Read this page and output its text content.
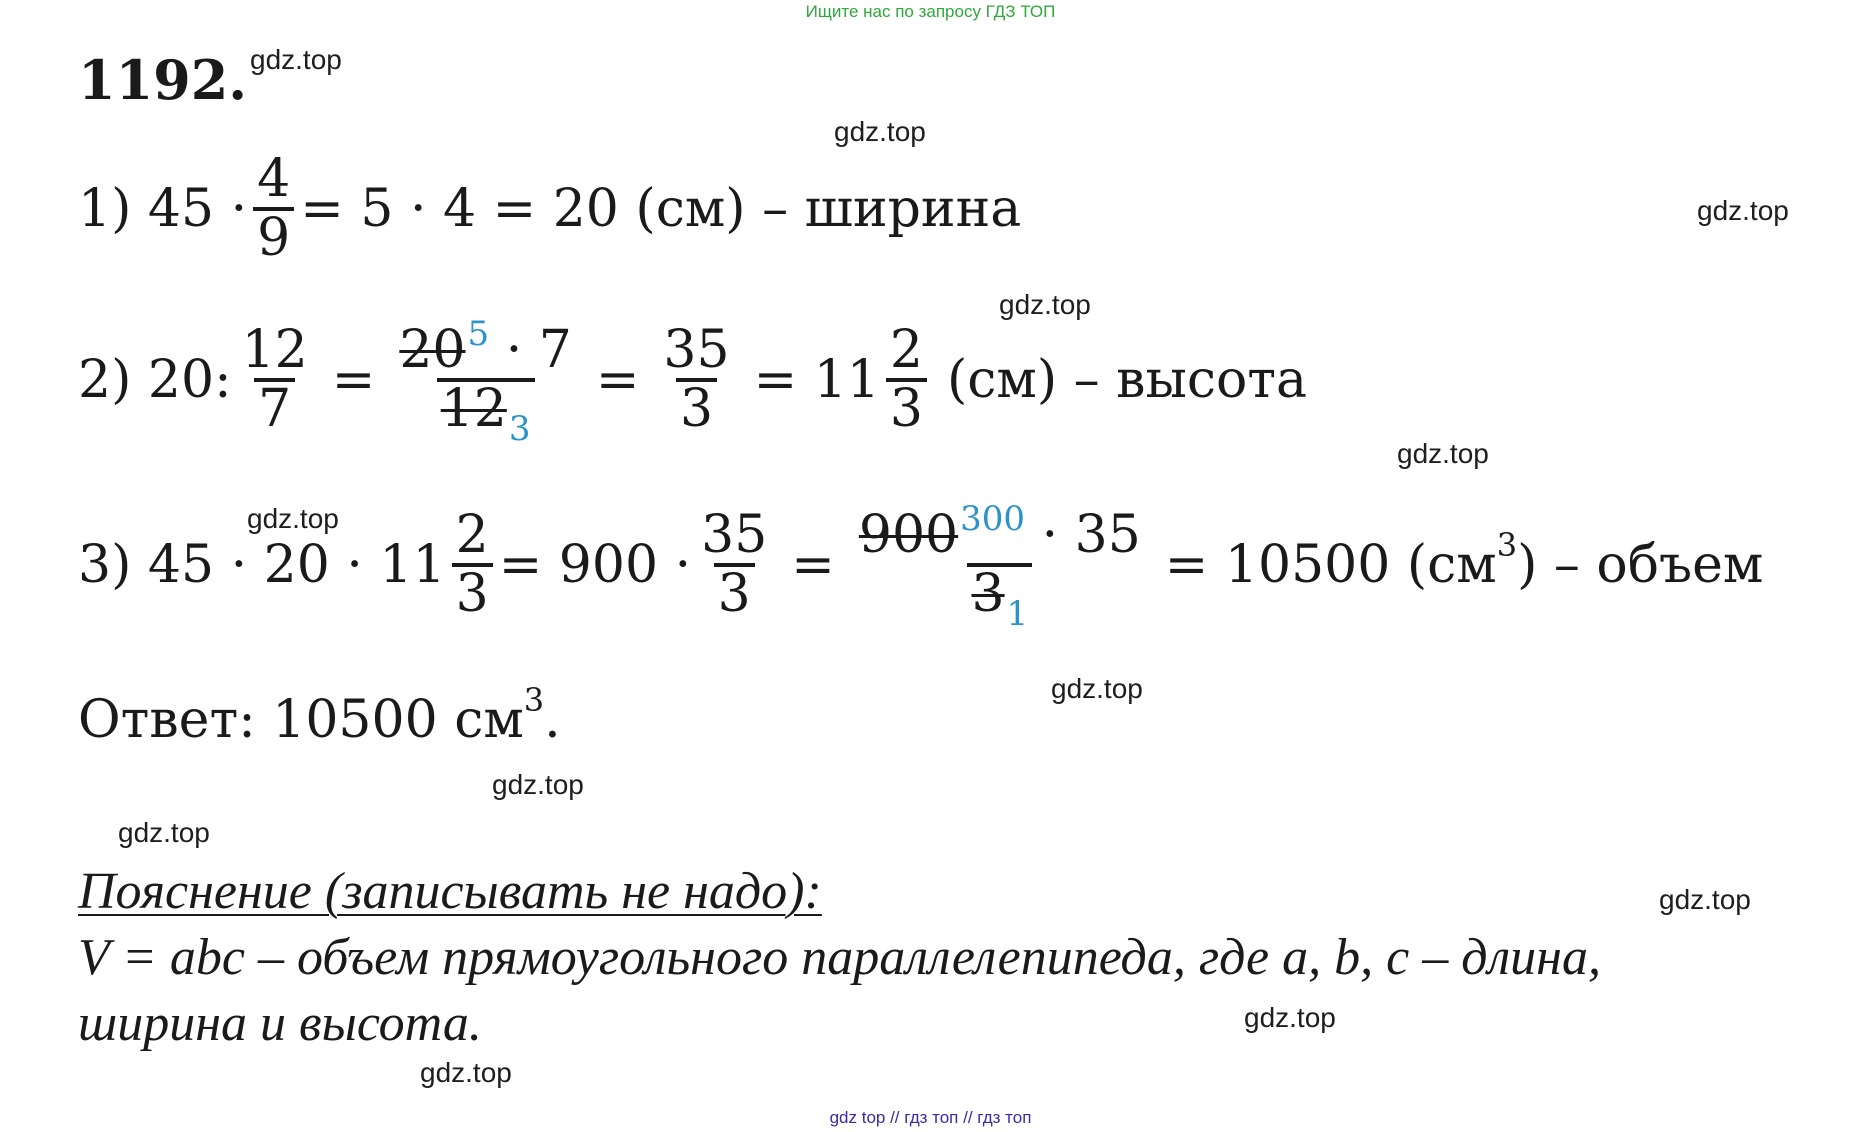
Ищите нас по запросу ГДЗ ТОП
1192. gdz.top
gdz.top
gdz.top
gdz.top
gdz.top
gdz.top
gdz.top
gdz.top
gdz.top
gdz.top
gdz.top
gdz.top
1) $45 \cdot \frac{4}{9} = 5 \cdot 4 = 20$ (см) – ширина
2) 20: $\frac{12}{7} = \frac{20^5 \cdot 7}{12_3} = \frac{35}{3} = 11 \frac{2}{3} (см)$ – высота
3) $45 \cdot 20 \cdot 11 \frac{2}{3} = 900 \cdot \frac{35}{3} = \frac{900^{300} \cdot 35}{3_1} = 10500$ (см 3 ) – объем
Ответ: 10500 см 3 .
Пояснение (записывать не надо):
V = abc – объем прямоугольного параллелепипеда, где a, b, c – длина,
ширина и высота.
gdz top // гдз топ // гдз топ
